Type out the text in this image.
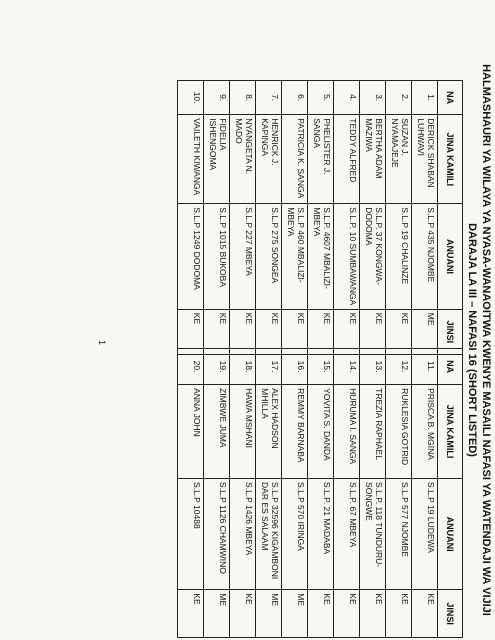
HALMASHAURI YA WILAYA YA NYASA-WANAOITWA KWENYE MASAILI NAFASI YA WATENDAJI WA VIJIJI
DARAJA LA III – NAFASI 16 (SHORT LISTED)
NA	JINA KAMILI	ANUANI	JINSI
1.	DERICK SHABAN LUHWAVI	S.L.P 435 NJOMBE	ME
2.	SUZAN J. NYAMAJEJE	S.L.P 19 CHALINZE	KE
3.	BERTHA ADAM MAZIWA	S.L.P. 37 KONGWA-DODOMA	KE
4.	TEDDY ALFRED	S.L.P. 10 SUMBAWANGA	KE
5.	PHELISTER J. SANGA	S.L.P. 4607 MBALIZI-MBEYA	KE
6.	PATRICIA K. SANGA	S.L.P 460 MBALIZI- MBEYA	KE
7.	HENRICK J. KAPINGA	S.L.P 275 SONGEA	KE
8.	NYANGETA N. MADO	S.L.P 227 MBEYA	KE
9.	FIDELIA ISHENGOMA	S.L.P 1015 BUKOBA	KE
10.	VAILETH KIWANGA	S.L.P 1249 DODOMA	KE
NA	JINA KAMILI	ANUANI	JINSI
11.	PRISCA B. MGINA	S.L.P 19 LUDEWA	KE
12.	RUKLESIA GOTRID	S.L.P 577 NJOMBE	KE
13.	TREZIA RAPHAEL	S.L.P. 118 TUNDURU-SONGWE	KE
14.	HURUMA I. SANGA	S.L.P. 67 MBEYA	KE
15.	YOVITA S. DANDA	S.L.P. 21 MADABA	KE
16.	REMMY BARNABA	S.L.P 570 IRINGA	ME
17.	ALEX HADSON MHILLA	S.L.P 32596 KIGAMBONI DAR ES SALAAM	ME
18.	HAWA MSHANI	S.L.P 1426 MBEYA	KE
19.	ZIMBWE JUMA	S.L.P 1126 CHAMWINO	ME
20.	ANNA JOHN	S.L.P 10488	KE
1
